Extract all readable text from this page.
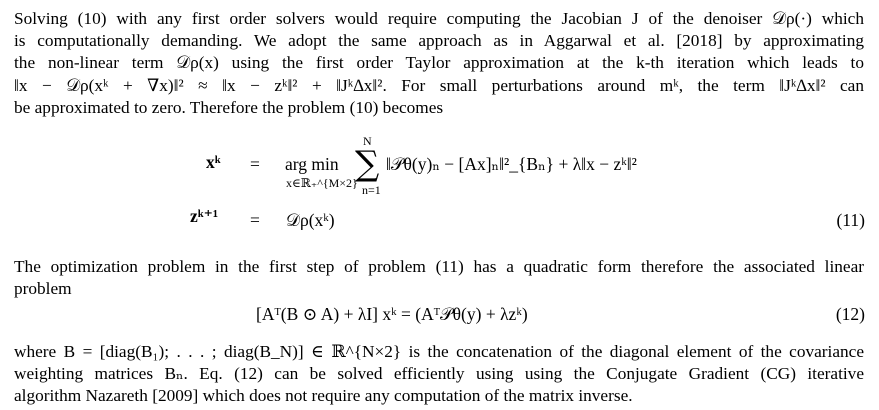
Solving (10) with any first order solvers would require computing the Jacobian J of the denoiser 𝒟ρ(·) which
is computationally demanding. We adopt the same approach as in Aggarwal et al. [2018] by approximating
the non-linear term 𝒟ρ(x) using the first order Taylor approximation at the k-th iteration which leads to
‖x − 𝒟ρ(xᵏ + ∇x)‖² ≈ ‖x − zᵏ‖² + ‖Jᵏ∆x‖². For small perturbations around mᵏ, the term ‖Jᵏ∆x‖² can
be approximated to zero. Therefore the problem (10) becomes
xᵏ = arg min
x∈ℝ₊^{M×2}
N
∑
n=1
‖𝒫θ(y)ₙ − [Ax]ₙ‖²_{Bₙ} + λ‖x − zᵏ‖²
zᵏ⁺¹ = 𝒟ρ(xᵏ)	(11)
The optimization problem in the first step of problem (11) has a quadratic form therefore the associated linear
problem
[Aᵀ(B ⊙ A) + λI] xᵏ = (Aᵀ𝒫θ(y) + λzᵏ)	(12)
where B = [diag(B₁); . . . ; diag(B_N)] ∈ ℝ^{N×2} is the concatenation of the diagonal element of the covariance
weighting matrices Bₙ. Eq. (12) can be solved efficiently using using the Conjugate Gradient (CG) iterative
algorithm Nazareth [2009] which does not require any computation of the matrix inverse.
